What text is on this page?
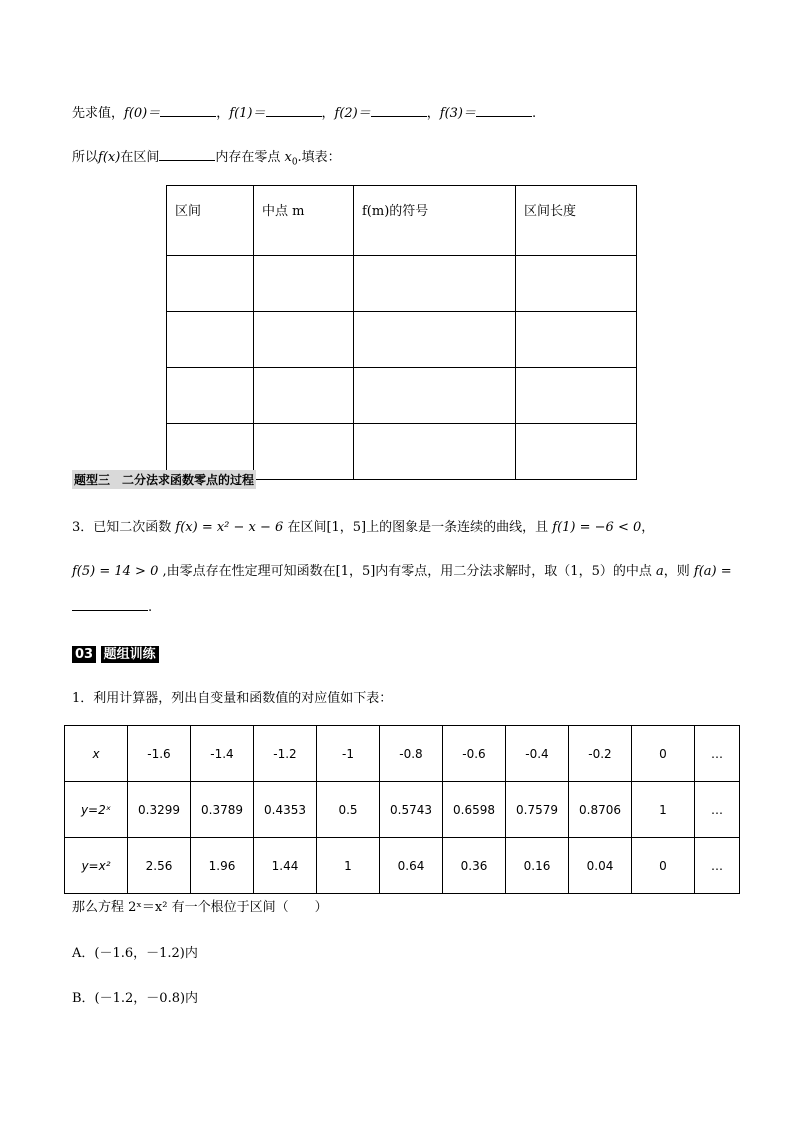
先求值，f(0)＝	，f(1)＝	，f(2)＝	，f(3)＝	.
所以f(x)在区间	内存在零点 $x_0$.填表：
区间	中点 m	f(m)的符号	区间长度

题型三　二分法求函数零点的过程
3．已知二次函数 f(x) = x² − x − 6 在区间[1，5]上的图象是一条连续的曲线，且 f(1) = −6 < 0，
f(5) = 14 > 0 ,由零点存在性定理可知函数在[1，5]内有零点，用二分法求解时，取（1，5）的中点 a，则 f(a) =
.
03 题组训练
1．利用计算器，列出自变量和函数值的对应值如下表：
x	-1.6	-1.4	-1.2	-1	-0.8	-0.6	-0.4	-0.2	0	…
y=2ˣ	0.3299	0.3789	0.4353	0.5	0.5743	0.6598	0.7579	0.8706	1	…
y=x²	2.56	1.96	1.44	1	0.64	0.36	0.16	0.04	0	…
那么方程 2ˣ＝x² 有一个根位于区间（　　）
A．(－1.6，－1.2)内
B．(－1.2，－0.8)内
